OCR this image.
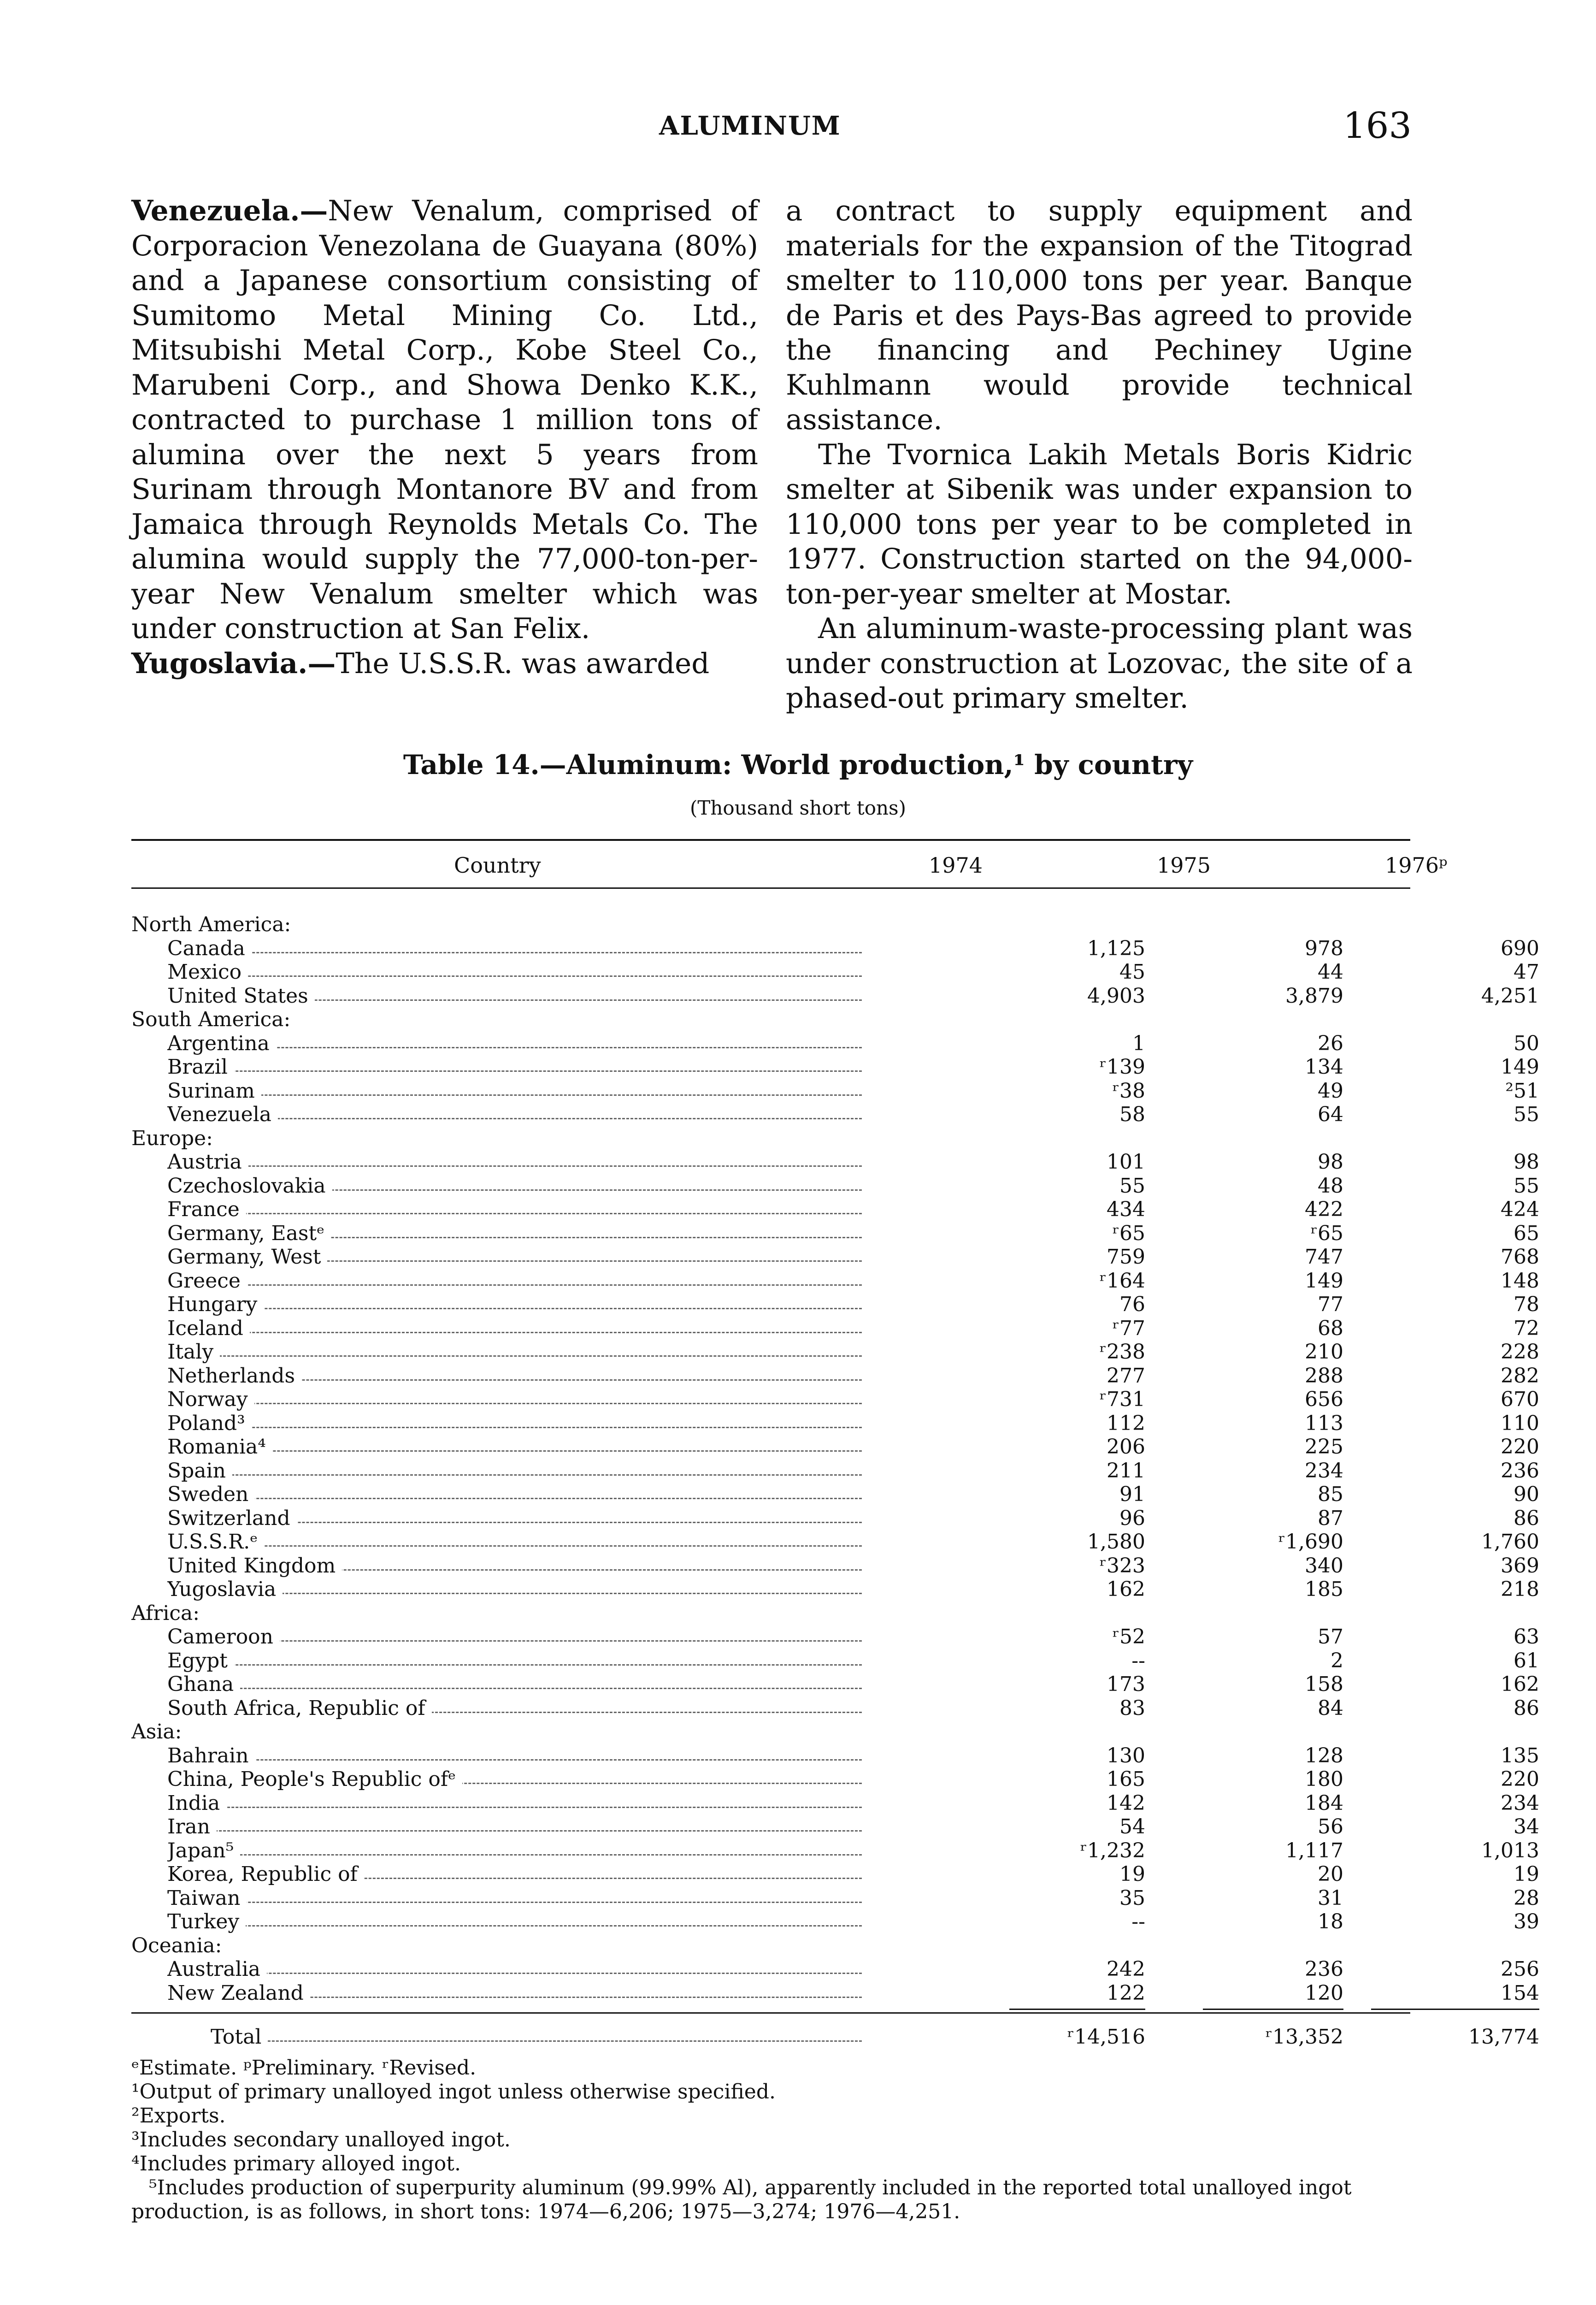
ALUMINUM	163

Venezuela.—New Venalum, comprised of Corporacion Venezolana de Guayana (80%) and a Japanese consortium consisting of Sumitomo Metal Mining Co. Ltd., Mitsubishi Metal Corp., Kobe Steel Co., Marubeni Corp., and Showa Denko K.K., contracted to purchase 1 million tons of alumina over the next 5 years from Surinam through Montanore BV and from Jamaica through Reynolds Metals Co. The alumina would supply the 77,000-ton-per-year New Venalum smelter which was under construction at San Felix.

Yugoslavia.—The U.S.S.R. was awarded

a contract to supply equipment and materials for the expansion of the Titograd smelter to 110,000 tons per year. Banque de Paris et des Pays-Bas agreed to provide the financing and Pechiney Ugine Kuhlmann would provide technical assistance.

The Tvornica Lakih Metals Boris Kidric smelter at Sibenik was under expansion to 110,000 tons per year to be completed in 1977. Construction started on the 94,000-ton-per-year smelter at Mostar.

An aluminum-waste-processing plant was under construction at Lozovac, the site of a phased-out primary smelter.

Table 14.—Aluminum: World production,¹ by country
(Thousand short tons)
Country	1974	1975	1976ᵖ
North America:
Canada	1,125	978	690
Mexico	45	44	47
United States	4,903	3,879	4,251
South America:
Argentina	1	26	50
Brazil	ʳ139	134	149
Surinam	ʳ38	49	²51
Venezuela	58	64	55
Europe:
Austria	101	98	98
Czechoslovakia	55	48	55
France	434	422	424
Germany, Eastᵉ	ʳ65	ʳ65	65
Germany, West	759	747	768
Greece	ʳ164	149	148
Hungary	76	77	78
Iceland	ʳ77	68	72
Italy	ʳ238	210	228
Netherlands	277	288	282
Norway	ʳ731	656	670
Poland³	112	113	110
Romania⁴	206	225	220
Spain	211	234	236
Sweden	91	85	90
Switzerland	96	87	86
U.S.S.R.ᵉ	1,580	ʳ1,690	1,760
United Kingdom	ʳ323	340	369
Yugoslavia	162	185	218
Africa:
Cameroon	ʳ52	57	63
Egypt	--	2	61
Ghana	173	158	162
South Africa, Republic of	83	84	86
Asia:
Bahrain	130	128	135
China, People's Republic ofᵉ	165	180	220
India	142	184	234
Iran	54	56	34
Japan⁵	ʳ1,232	1,117	1,013
Korea, Republic of	19	20	19
Taiwan	35	31	28
Turkey	--	18	39
Oceania:
Australia	242	236	256
New Zealand	122	120	154
Total	ʳ14,516	ʳ13,352	13,774

ᵉEstimate. ᵖPreliminary. ʳRevised.

¹Output of primary unalloyed ingot unless otherwise specified.

²Exports.

³Includes secondary unalloyed ingot.

⁴Includes primary alloyed ingot.

⁵Includes production of superpurity aluminum (99.99% Al), apparently included in the reported total unalloyed ingot production, is as follows, in short tons: 1974—6,206; 1975—3,274; 1976—4,251.
